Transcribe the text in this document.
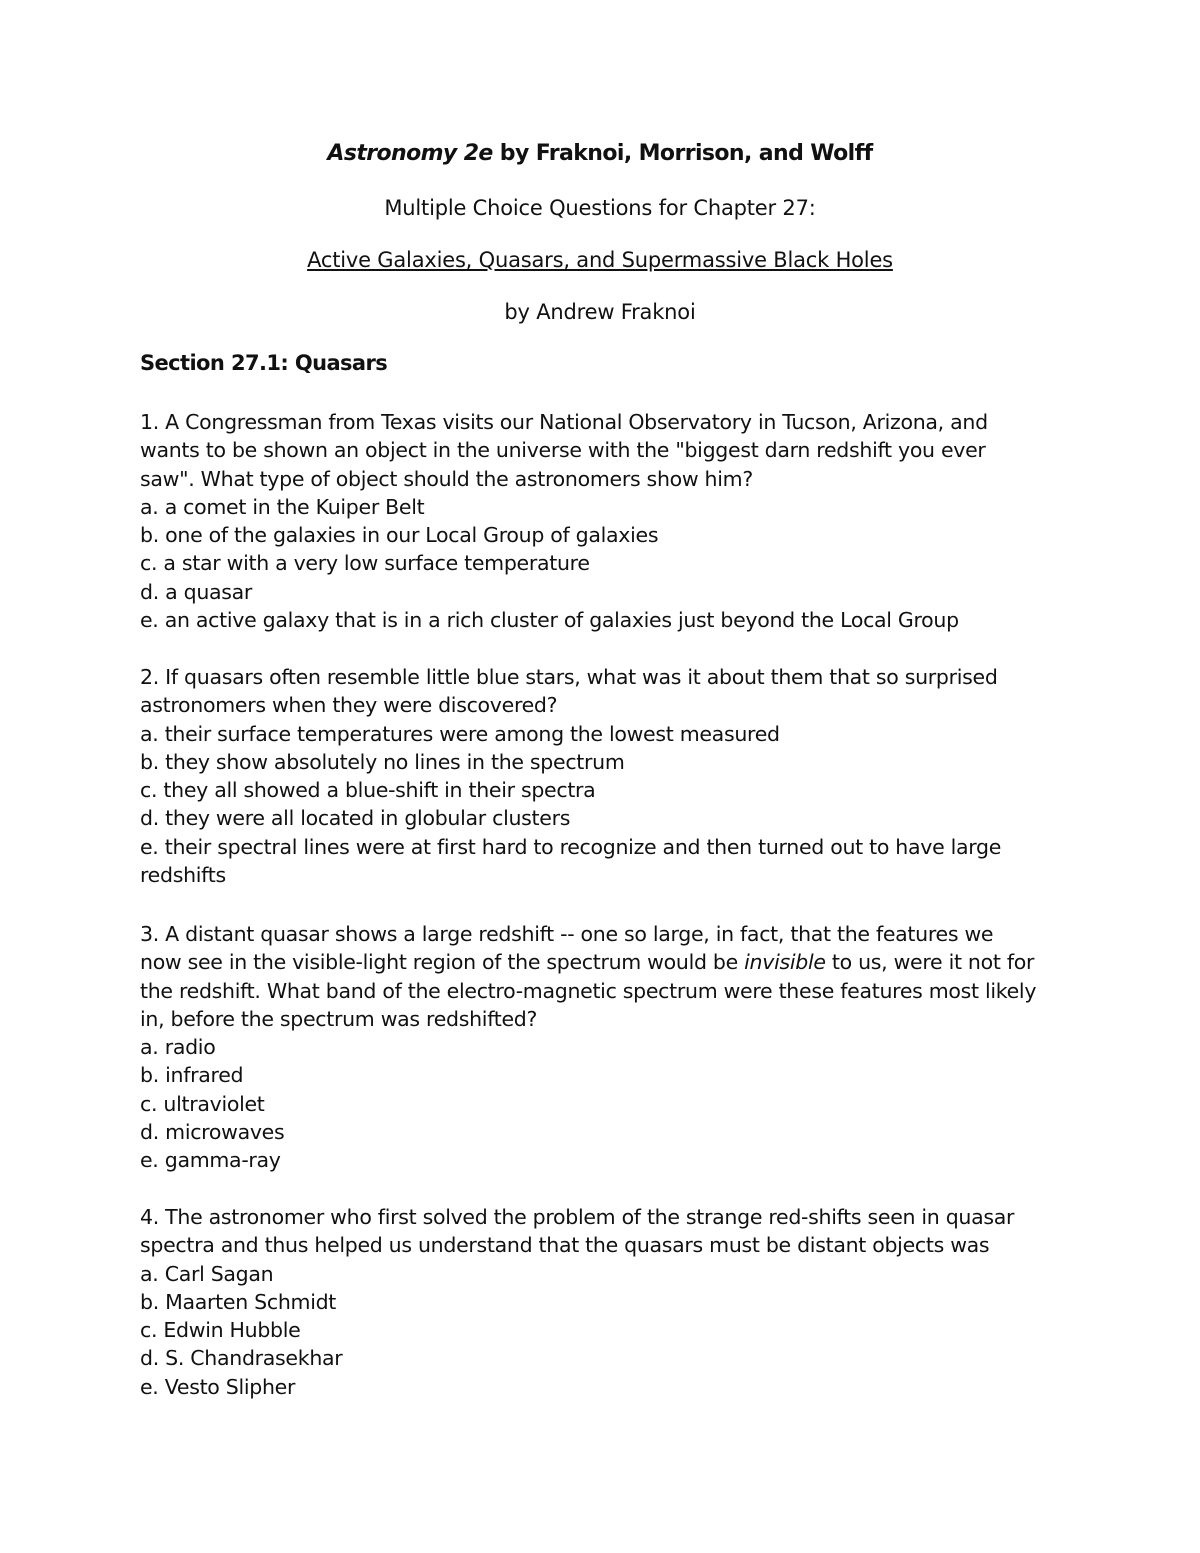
Astronomy 2e by Fraknoi, Morrison, and Wolff
Multiple Choice Questions for Chapter 27:
Active Galaxies, Quasars, and Supermassive Black Holes
by Andrew Fraknoi
Section 27.1: Quasars
1. A Congressman from Texas visits our National Observatory in Tucson, Arizona, and
wants to be shown an object in the universe with the "biggest darn redshift you ever
saw". What type of object should the astronomers show him?
a. a comet in the Kuiper Belt
b. one of the galaxies in our Local Group of galaxies
c. a star with a very low surface temperature
d. a quasar
e. an active galaxy that is in a rich cluster of galaxies just beyond the Local Group
2. If quasars often resemble little blue stars, what was it about them that so surprised
astronomers when they were discovered?
a. their surface temperatures were among the lowest measured
b. they show absolutely no lines in the spectrum
c. they all showed a blue-shift in their spectra
d. they were all located in globular clusters
e. their spectral lines were at first hard to recognize and then turned out to have large
redshifts
3. A distant quasar shows a large redshift -- one so large, in fact, that the features we
now see in the visible-light region of the spectrum would be invisible to us, were it not for
the redshift. What band of the electro-magnetic spectrum were these features most likely
in, before the spectrum was redshifted?
a. radio
b. infrared
c. ultraviolet
d. microwaves
e. gamma-ray
4. The astronomer who first solved the problem of the strange red-shifts seen in quasar
spectra and thus helped us understand that the quasars must be distant objects was
a. Carl Sagan
b. Maarten Schmidt
c. Edwin Hubble
d. S. Chandrasekhar
e. Vesto Slipher
